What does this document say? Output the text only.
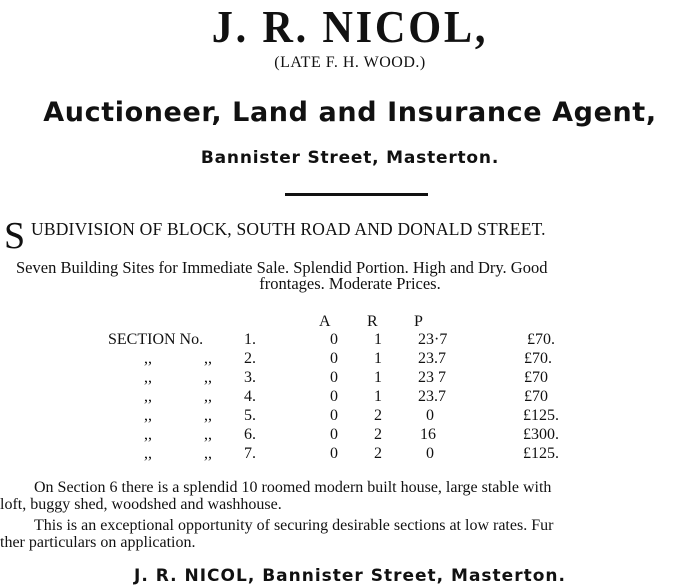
J. R. NICOL,
(LATE F. H. WOOD.)
Auctioneer, Land and Insurance Agent,
Bannister Street, Masterton.
S UBDIVISION OF BLOCK, SOUTH ROAD AND DONALD STREET.
Seven Building Sites for Immediate Sale. Splendid Portion. High and Dry. Good
frontages. Moderate Prices.
A R P
SECTION No.	1.	0 1 23·7	£70.
,,	,, 2.	0 1 23.7	£70.
,,	,, 3.	0 1 23 7	£70
,,	,, 4.	0 1 23.7	£70
,,	,, 5.	0 2	0	£125.
,,	,, 6.	0 2 16	£300.
,,	,, 7.	0 2	0	£125.
On Section 6 there is a splendid 10 roomed modern built house, large stable with
loft, buggy shed, woodshed and washhouse.
This is an exceptional opportunity of securing desirable sections at low rates. Fur
ther particulars on application.
J. R. NICOL, Bannister Street, Masterton.
